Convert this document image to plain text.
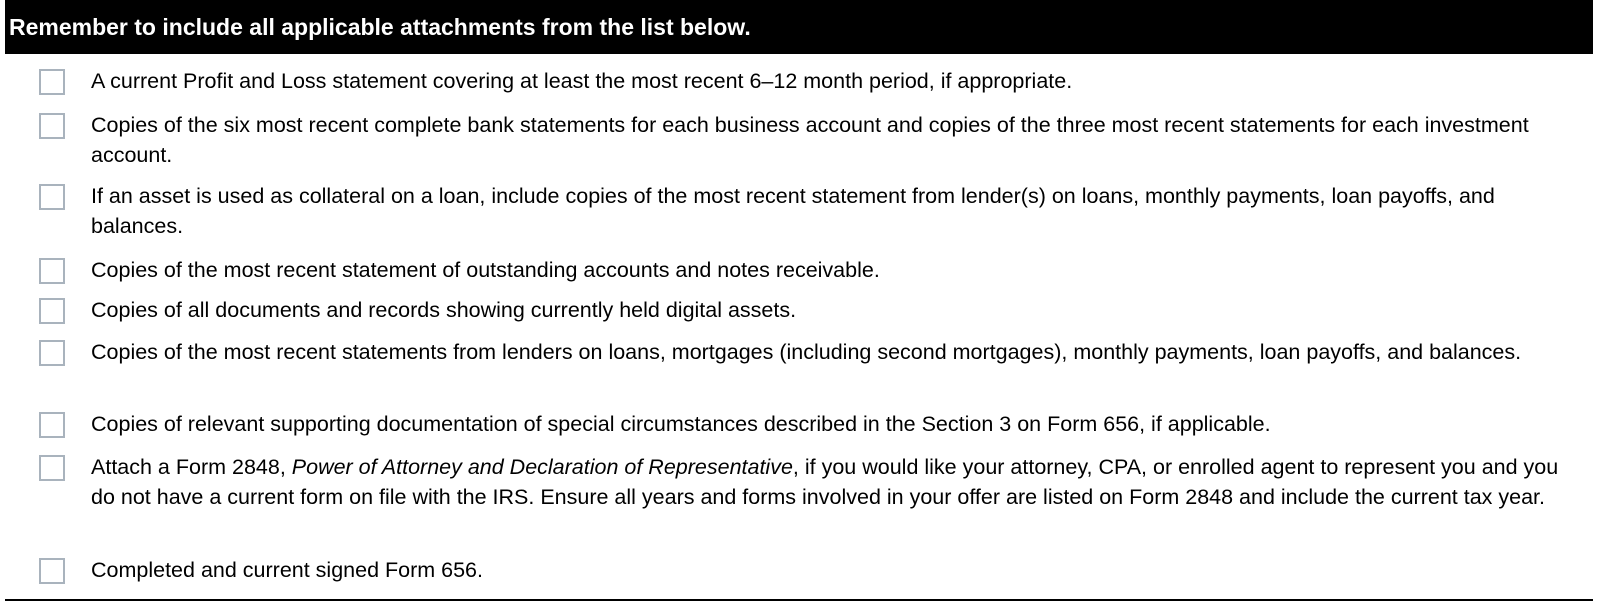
Remember to include all applicable attachments from the list below.
A current Profit and Loss statement covering at least the most recent 6–12 month period, if appropriate.
Copies of the six most recent complete bank statements for each business account and copies of the three most recent statements for each investment account.
If an asset is used as collateral on a loan, include copies of the most recent statement from lender(s) on loans, monthly payments, loan payoffs, and balances.
Copies of the most recent statement of outstanding accounts and notes receivable.
Copies of all documents and records showing currently held digital assets.
Copies of the most recent statements from lenders on loans, mortgages (including second mortgages), monthly payments, loan payoffs, and balances.
Copies of relevant supporting documentation of special circumstances described in the Section 3 on Form 656, if applicable.
Attach a Form 2848, Power of Attorney and Declaration of Representative, if you would like your attorney, CPA, or enrolled agent to represent you and you do not have a current form on file with the IRS. Ensure all years and forms involved in your offer are listed on Form 2848 and include the current tax year.
Completed and current signed Form 656.
